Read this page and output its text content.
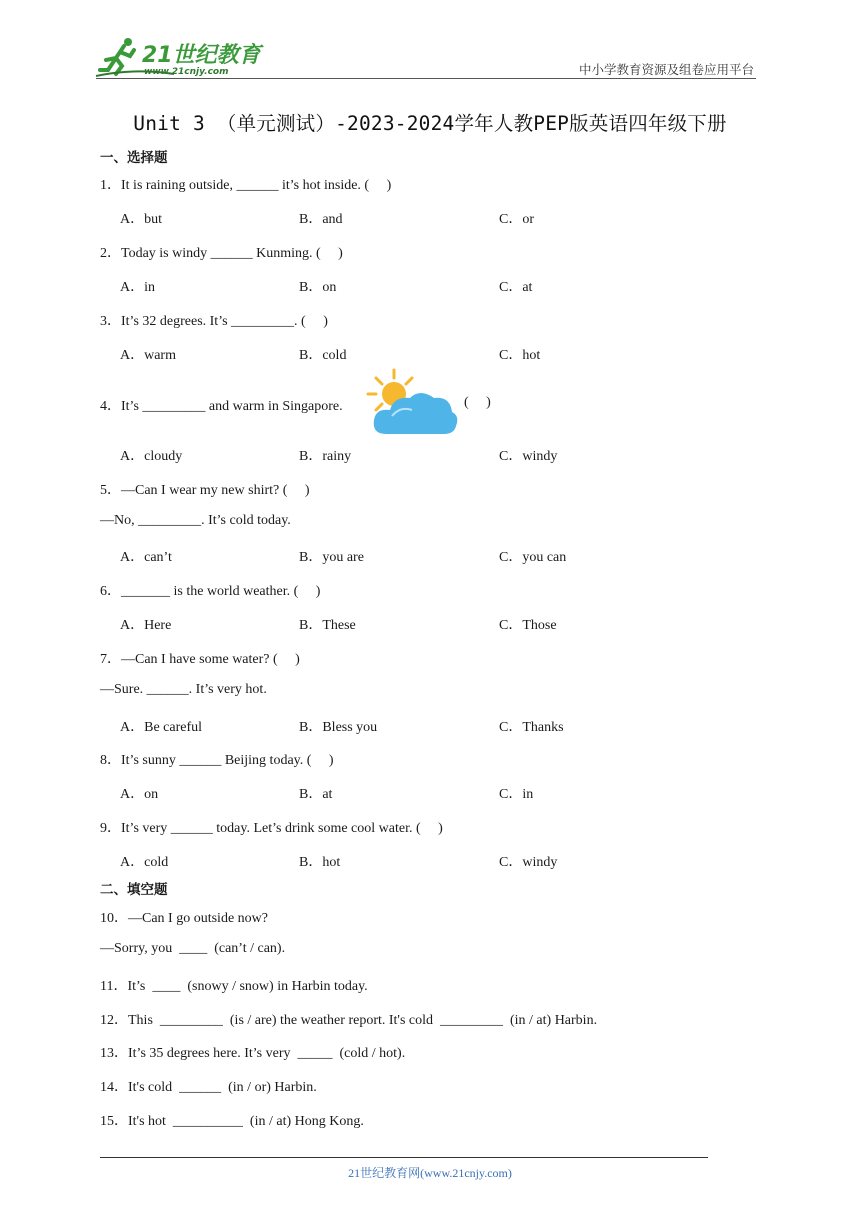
21世纪教育
www.21cnjy.com	中小学教育资源及组卷应用平台
Unit 3 （单元测试）-2023-2024学年人教PEP版英语四年级下册
一、选择题
1．It is raining outside, ______ it’s hot inside. (     )
A．but	B．and	C．or
2．Today is windy ______ Kunming. (     )
A．in	B．on	C．at
3．It’s 32 degrees. It’s _________. (     )
A．warm	B．cold	C．hot
4．It’s _________ and warm in Singapore.	(     )
A．cloudy	B．rainy	C．windy
5．—Can I wear my new shirt? (     )
—No, _________. It’s cold today.
A．can’t	B．you are	C．you can
6．_______ is the world weather. (     )
A．Here	B．These	C．Those
7．—Can I have some water? (     )
—Sure. ______. It’s very hot.
A．Be careful	B．Bless you	C．Thanks
8．It’s sunny ______ Beijing today. (     )
A．on	B．at	C．in
9．It’s very ______ today. Let’s drink some cool water. (     )
A．cold	B．hot	C．windy
二、填空题
10．—Can I go outside now?
—Sorry, you  ____  (can’t / can).
11．It’s  ____  (snowy / snow) in Harbin today.
12．This  _________  (is / are) the weather report. It's cold  _________  (in / at) Harbin.
13．It’s 35 degrees here. It’s very  _____  (cold / hot).
14．It's cold  ______  (in / or) Harbin.
15．It's hot  __________  (in / at) Hong Kong.
21世纪教育网(www.21cnjy.com)
